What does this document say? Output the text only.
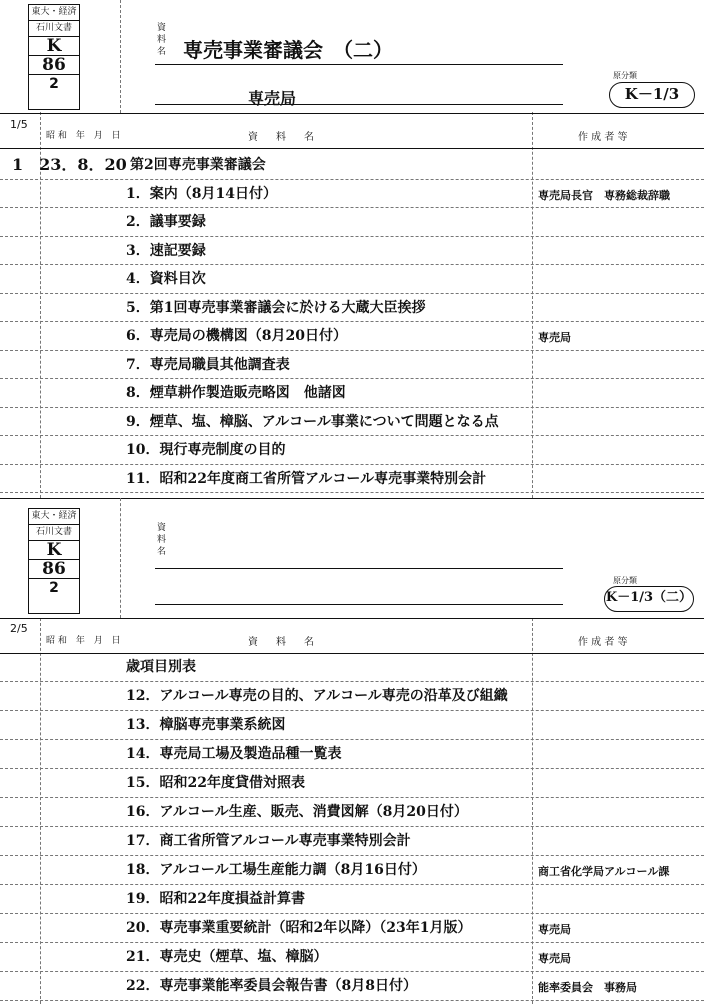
東大・経済
石川文書
K
86
2
資料名 専売事業審議会　（二）
専売局
原分類
K－1/3
1/5
昭和 年 月 日	資　料　名	作 成 者 等
1　23．8．20 第2回専売事業審議会
1．案内（8月14日付）	専売局長官　専務総裁辞職
2．議事要録
3．速記要録
4．資料目次
5．第1回専売事業審議会に於ける大蔵大臣挨拶
6．専売局の機構図（8月20日付）	専売局
7．専売局職員其他調査表
8．煙草耕作製造販売略図　他諸図
9．煙草、塩、樟脳、アルコール事業について問題となる点
10．現行専売制度の目的
11．昭和22年度商工省所管アルコール専売事業特別会計
東大・経済
石川文書
K
86
2
資料名
原分類
K－1/3（二）
2/5
昭和 年 月 日	資　料　名	作 成 者 等
歳項目別表
12．アルコール専売の目的、アルコール専売の沿革及び組織
13．樟脳専売事業系統図
14．専売局工場及製造品種一覧表
15．昭和22年度貸借対照表
16．アルコール生産、販売、消費図解（8月20日付）
17．商工省所管アルコール専売事業特別会計
18．アルコール工場生産能力調（8月16日付）	商工省化学局アルコール課
19．昭和22年度損益計算書
20．専売事業重要統計（昭和2年以降）（23年1月版）	専売局
21．専売史（煙草、塩、樟脳）	専売局
22．専売事業能率委員会報告書（8月8日付）	能率委員会　事務局
